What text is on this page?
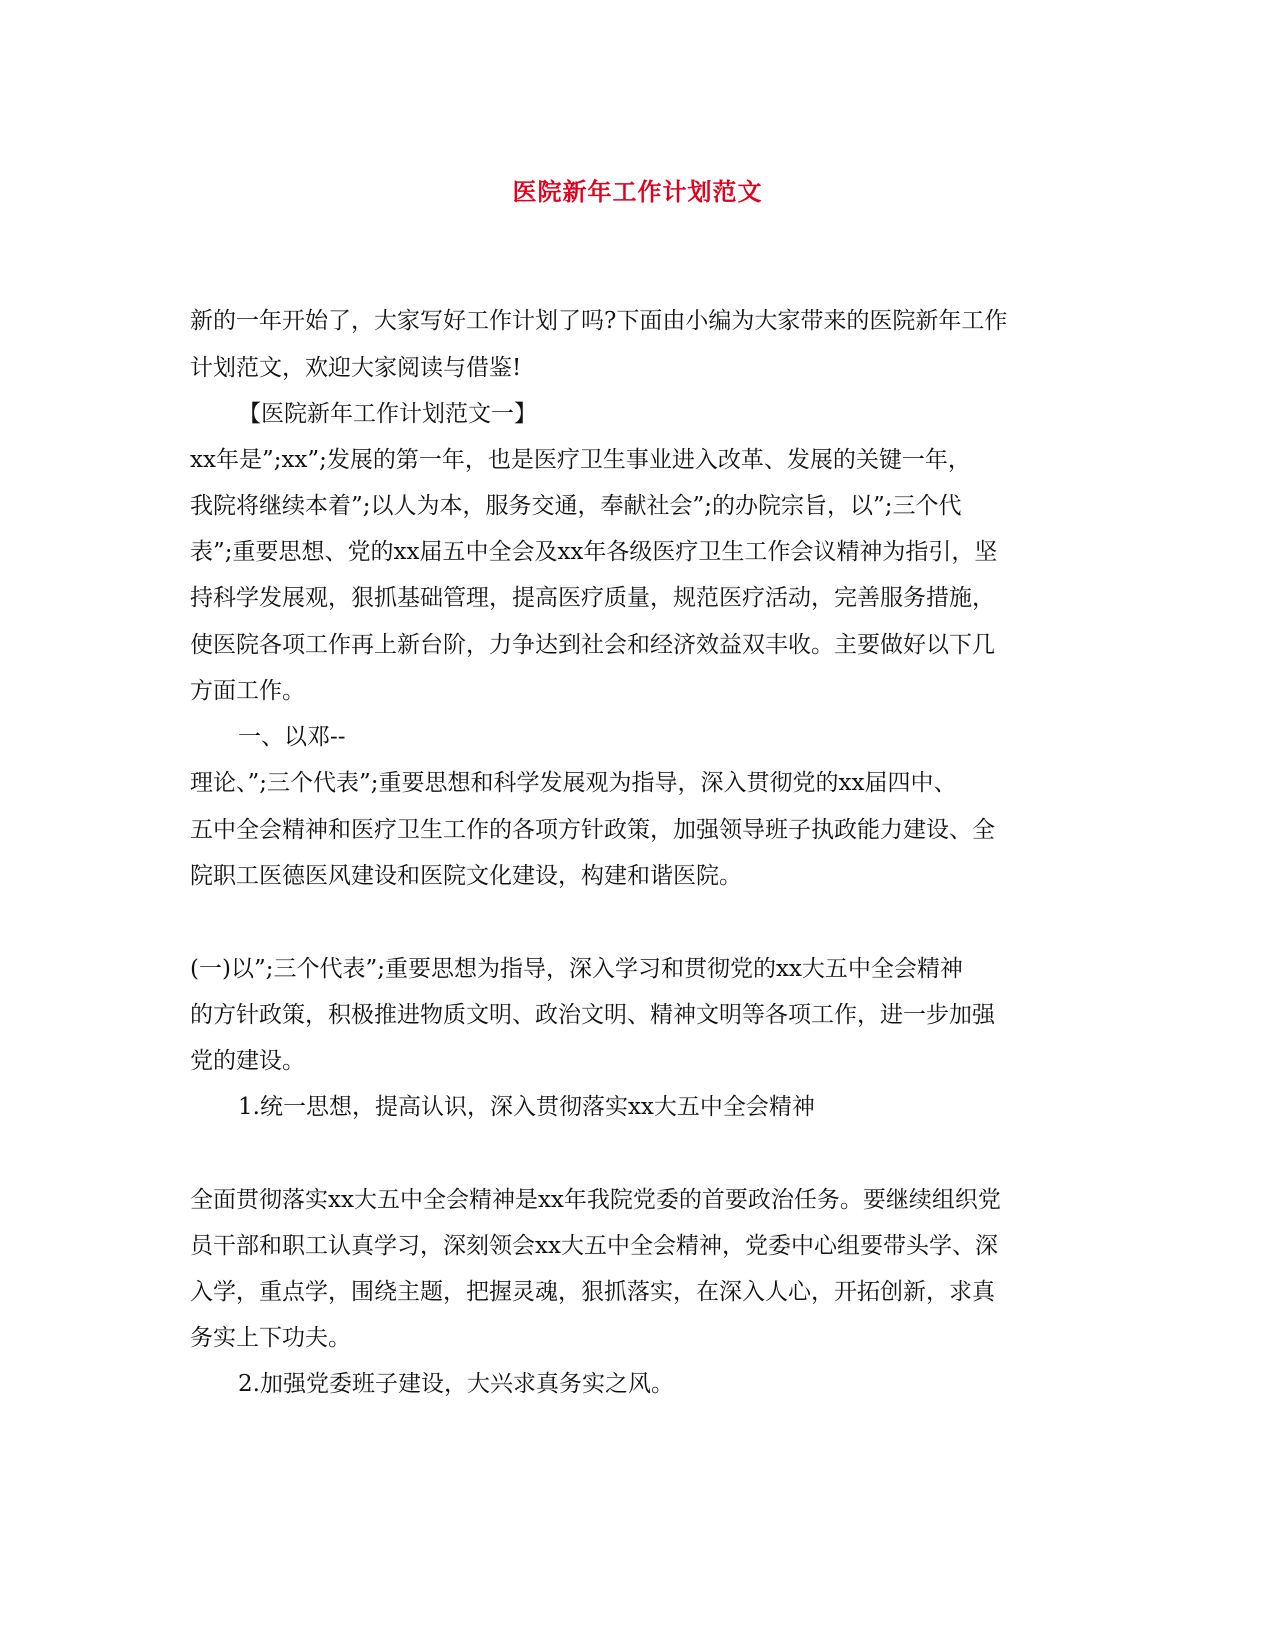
医院新年工作计划范文
新的一年开始了，大家写好工作计划了吗?下面由小编为大家带来的医院新年工作
计划范文，欢迎大家阅读与借鉴!
【医院新年工作计划范文一】
xx年是”;xx”;发展的第一年，也是医疗卫生事业进入改革、发展的关键一年，
我院将继续本着”;以人为本，服务交通，奉献社会”;的办院宗旨，以”;三个代
表”;重要思想、党的xx届五中全会及xx年各级医疗卫生工作会议精神为指引，坚
持科学发展观，狠抓基础管理，提高医疗质量，规范医疗活动，完善服务措施，
使医院各项工作再上新台阶，力争达到社会和经济效益双丰收。主要做好以下几
方面工作。
一、以邓--
理论、”;三个代表”;重要思想和科学发展观为指导，深入贯彻党的xx届四中、
五中全会精神和医疗卫生工作的各项方针政策，加强领导班子执政能力建设、全
院职工医德医风建设和医院文化建设，构建和谐医院。
(一)以”;三个代表”;重要思想为指导，深入学习和贯彻党的xx大五中全会精神
的方针政策，积极推进物质文明、政治文明、精神文明等各项工作，进一步加强
党的建设。
1.统一思想，提高认识，深入贯彻落实xx大五中全会精神
全面贯彻落实xx大五中全会精神是xx年我院党委的首要政治任务。要继续组织党
员干部和职工认真学习，深刻领会xx大五中全会精神，党委中心组要带头学、深
入学，重点学，围绕主题，把握灵魂，狠抓落实，在深入人心，开拓创新，求真
务实上下功夫。
2.加强党委班子建设，大兴求真务实之风。
